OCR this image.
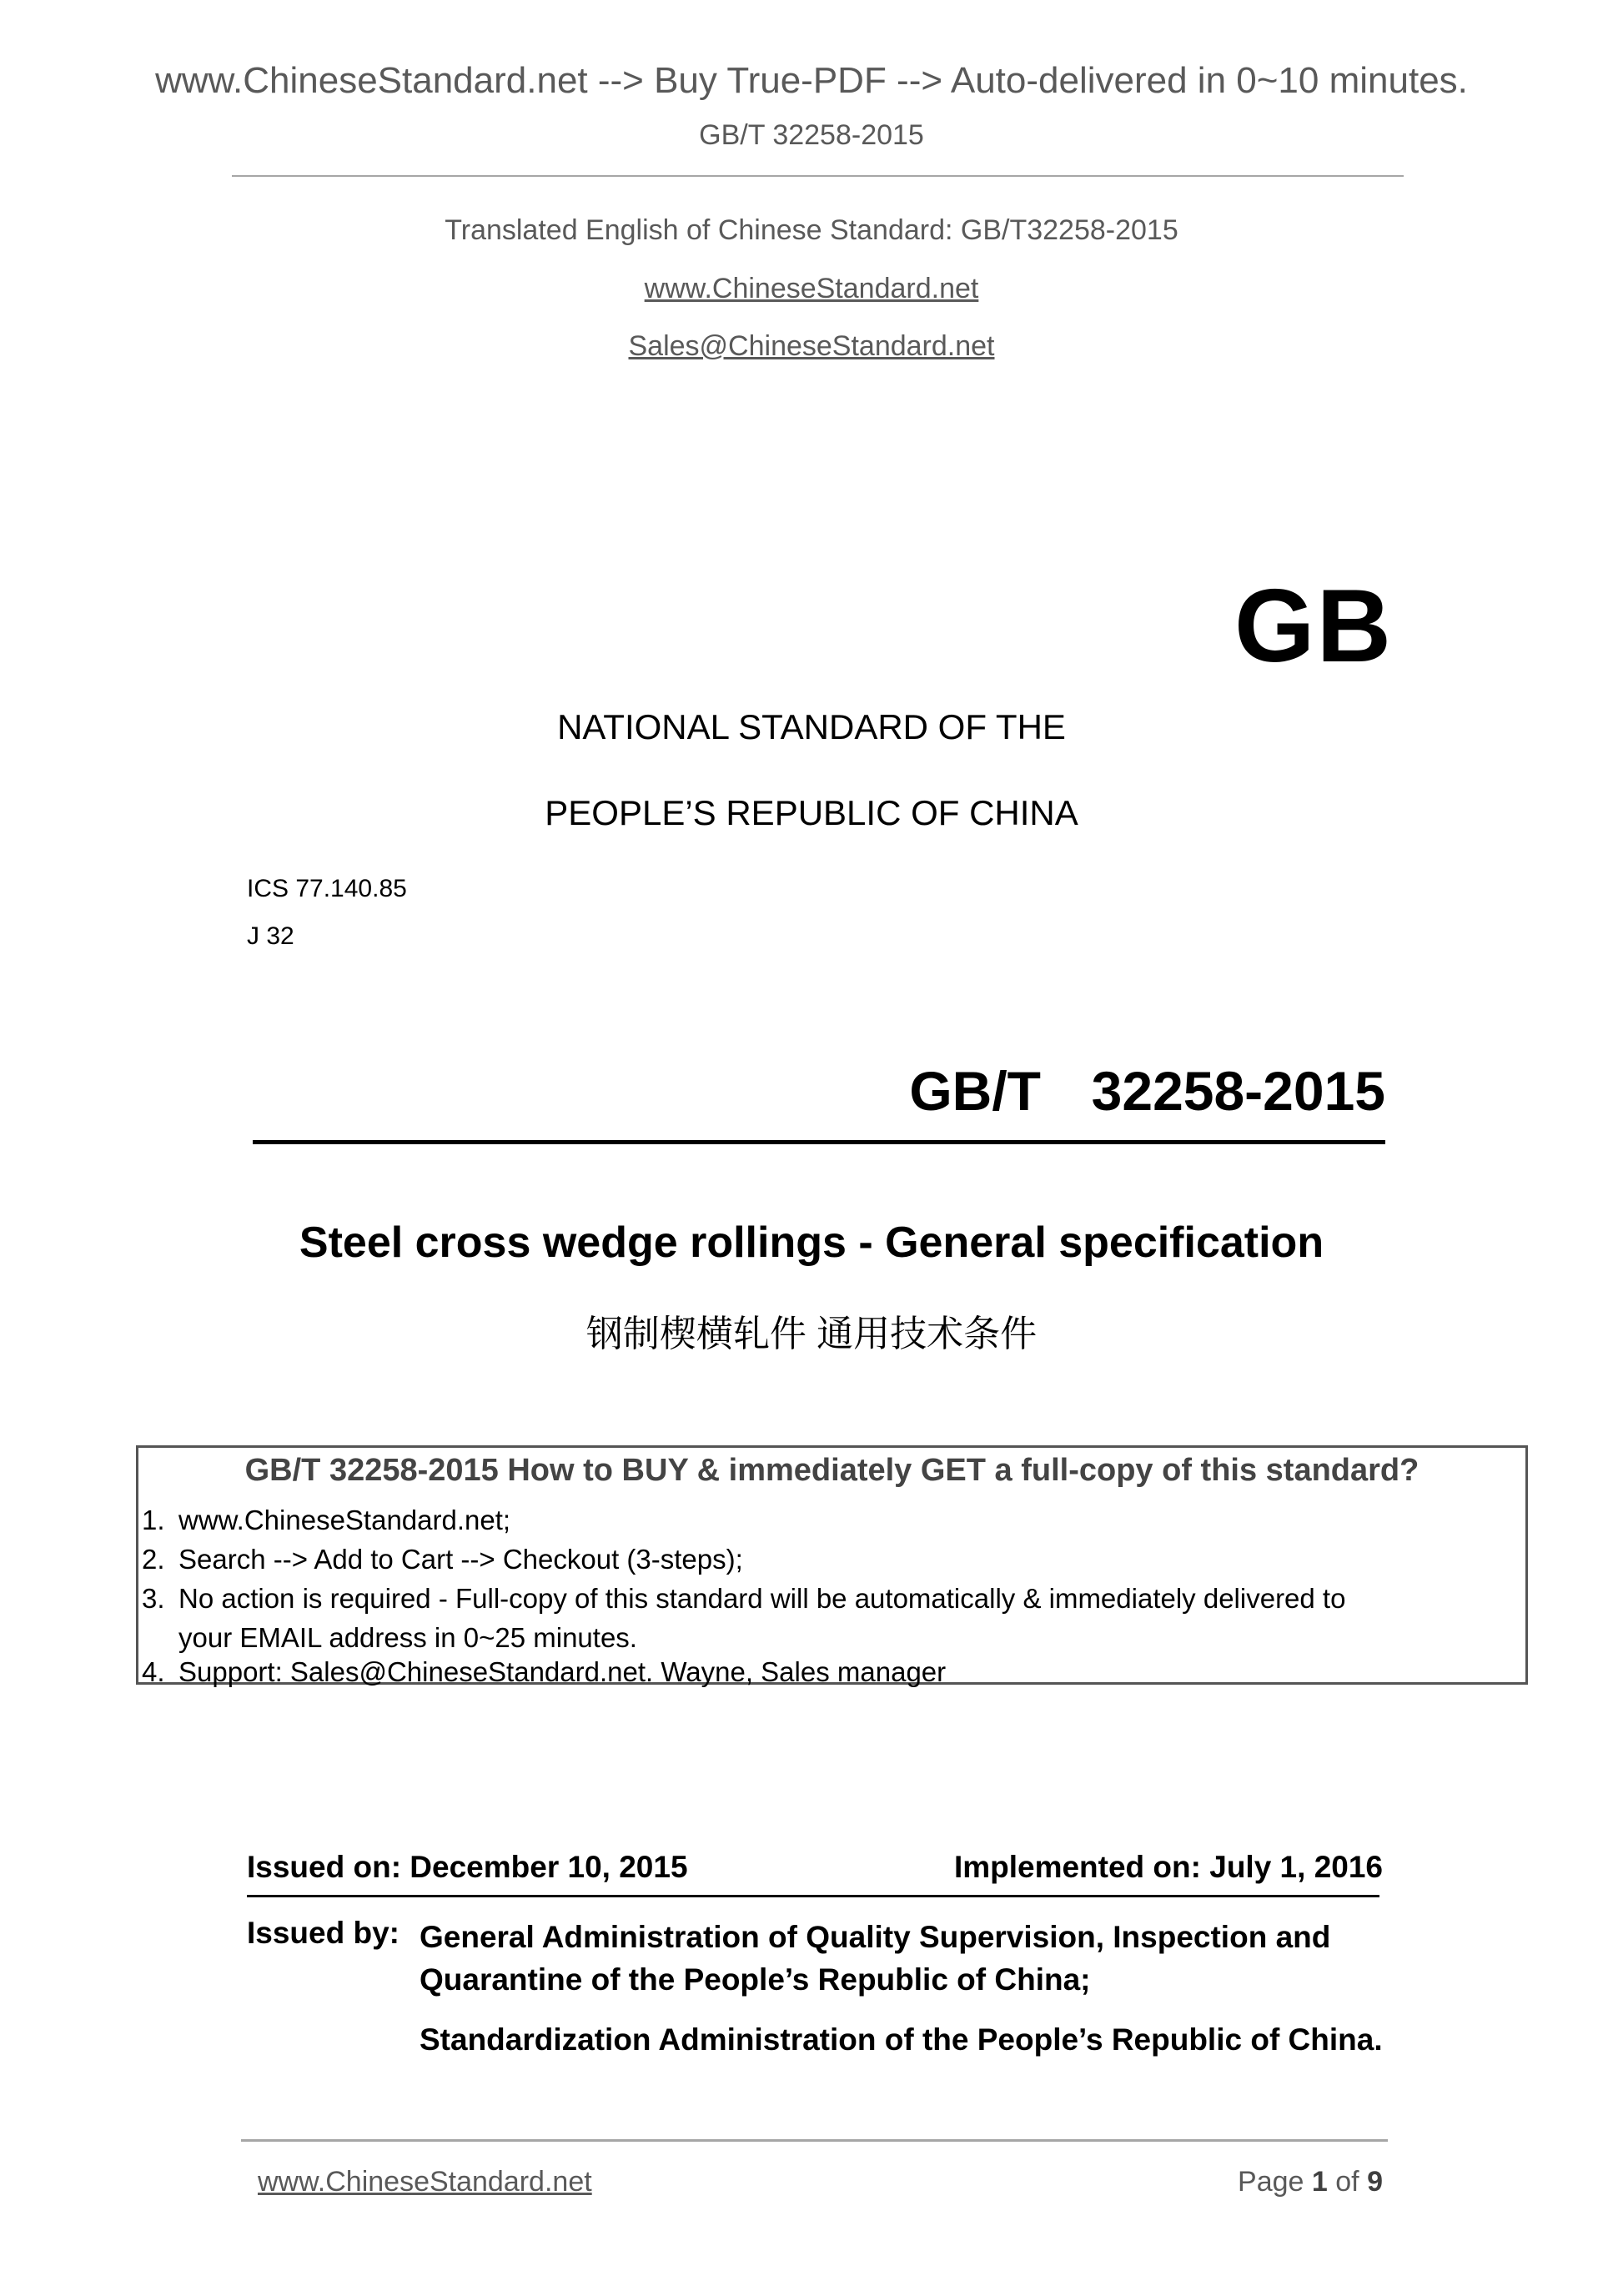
www.ChineseStandard.net --> Buy True-PDF --> Auto-delivered in 0~10 minutes.
GB/T 32258-2015
Translated English of Chinese Standard: GB/T32258-2015
www.ChineseStandard.net
Sales@ChineseStandard.net
GB
NATIONAL STANDARD OF THE
PEOPLE’S REPUBLIC OF CHINA
ICS 77.140.85
J 32
GB/T  32258-2015
Steel cross wedge rollings - General specification
钢制楔横轧件 通用技术条件
GB/T 32258-2015 How to BUY & immediately GET a full-copy of this standard?
1. www.ChineseStandard.net;
2. Search --> Add to Cart --> Checkout (3-steps);
3. No action is required - Full-copy of this standard will be automatically & immediately delivered to
your EMAIL address in 0~25 minutes.
4. Support: Sales@ChineseStandard.net. Wayne, Sales manager
Issued on: December 10, 2015	Implemented on: July 1, 2016
Issued by: General Administration of Quality Supervision, Inspection and Quarantine of the People’s Republic of China;
Standardization Administration of the People’s Republic of China.
www.ChineseStandard.net	Page 1 of 9
